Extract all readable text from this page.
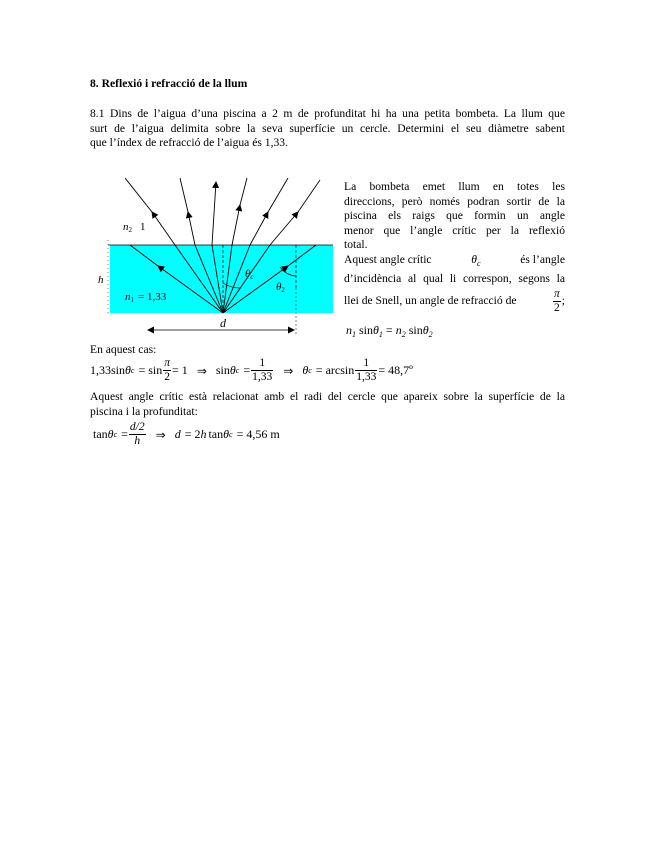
8. Reflexió i refracció de la llum
8.1 Dins de l’aigua d’una piscina a 2 m de profunditat hi ha una petita bombeta. La llum que
surt de l’aigua delimita sobre la seva superfície un cercle. Determini el seu diàmetre sabent
que l’índex de refracció de l’aigua és 1,33.
n2 1
n1 = 1,33
h
d
θc
θ2
La bombeta emet llum en totes les
direccions, però només podran sortir de la
piscina els raigs que formin un angle
menor que l’angle crític per la reflexió
total.
Aquest angle crític	$\theta_c$	és l’angle
d’incidència al qual li correspon, segons la
llei de Snell, un angle de refracció de	$\frac{\pi}{2}$ ;
$n_1$ $\sin\theta_1 = n_2$ sinθ$_2$
En aquest cas:
1,33sin θ $c = \sin \frac{\pi}{2} = 1$ ⇒ sin θ $c = \frac{1}{1,33}$ ⇒ θ $c = \arcsin \frac{1}{1,33}$ = 48,7º
Aquest angle crític està relacionat amb el radi del cercle que apareix sobre la superfície de la
piscina i la profunditat:
tan θ $c = \frac{d/2}{h}$ ⇒ d = 2 h tan θ c = 4,56 m
